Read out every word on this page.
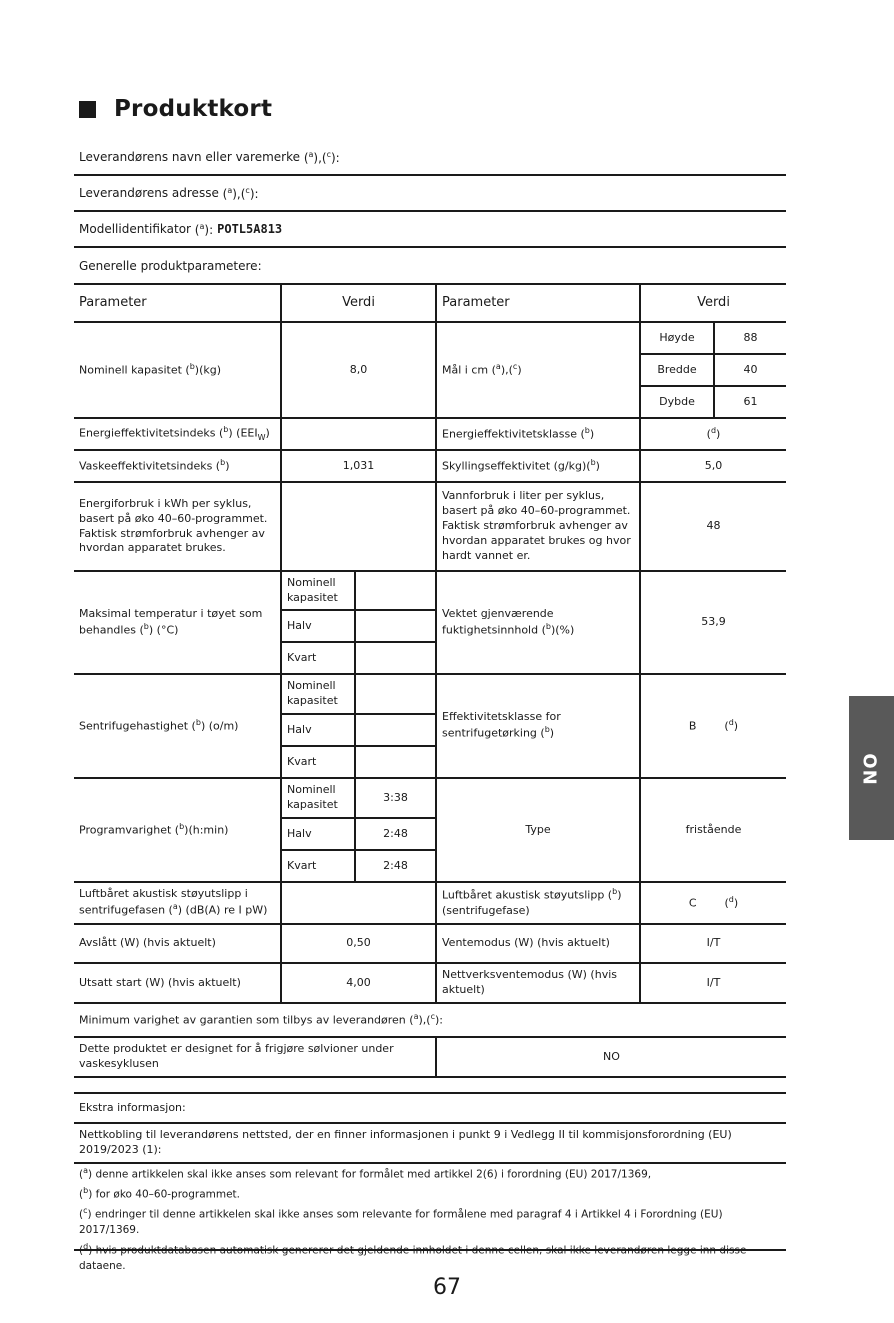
Produktkort
Leverandørens navn eller varemerke ($^a$),($^c$):
Leverandørens adresse ($^a$),($^c$):
Modellidentifikator ($^a$): POTL5A813
Generelle produktparametere:
Parameter	Verdi		Parameter	Verdi	
Nominell kapasitet ($^b$)(kg)	8,0		Mål i cm ($^a$),($^c$)	Høyde	88
				Bredde	40
				Dybde	61
Energieffektivitetsindeks ($^b$) $(EEI_W)$			Energieffektivitetsklasse ($^b$)	($^d$)	
Vaskeeffektivitetsindeks ($^b$)	1,031		Skyllingseffektivitet (g/kg)($^b$)	5,0	
Energiforbruk i kWh per syklus, basert på øko 40–60-programmet. Faktisk strømforbruk avhenger av hvordan apparatet brukes.			Vannforbruk i liter per syklus, basert på øko 40–60-programmet. Faktisk strømforbruk avhenger av hvordan apparatet brukes og hvor hardt vannet er.	48	
Maksimal temperatur i tøyet som behandles ($^b$) (°C)	Nominell kapasitet		Vektet gjenværende fuktighetsinnhold ($^b$)(%)	53,9	
	Halv				
	Kvart				
Sentrifugehastighet ($^b$) (o/m)	Nominell kapasitet		Effektivitetsklasse for sentrifugetørking ($^b$)	B        ($^d$)	
	Halv				
	Kvart				
Programvarighet ($^b$)(h:min)	Nominell kapasitet	3:38	Type	fristående	
	Halv	2:48			
	Kvart	2:48			
Luftbåret akustisk støyutslipp i sentrifugefasen ($^a$) (dB(A) re I pW)			Luftbåret akustisk støyutslipp ($^b$) (sentrifugefase)	C        ($^d$)	
Avslått (W) (hvis aktuelt)	0,50		Ventemodus (W) (hvis aktuelt)	I/T	
Utsatt start (W) (hvis aktuelt)	4,00		Nettverksventemodus (W) (hvis aktuelt)	I/T	
Minimum varighet av garantien som tilbys av leverandøren ($^a$),($^c$):					
Dette produktet er designet for å frigjøre sølvioner under vaskesyklusen			NO		

Ekstra informasjon:					
Nettkobling til leverandørens nettsted, der en finner informasjonen i punkt 9 i Vedlegg II til kommisjonsforordning (EU) 2019/2023 (1):					
($^a$) denne artikkelen skal ikke anses som relevant for formålet med artikkel 2(6) i forordning (EU) 2017/1369,
($^b$) for øko 40–60-programmet.
($^c$) endringer til denne artikkelen skal ikke anses som relevante for formålene med paragraf 4 i Artikkel 4 i Forordning (EU) 2017/1369.
($^d$) hvis produktdatabasen automatisk genererer det gjeldende innholdet i denne cellen, skal ikke leverandøren legge inn disse dataene.
67
NO
